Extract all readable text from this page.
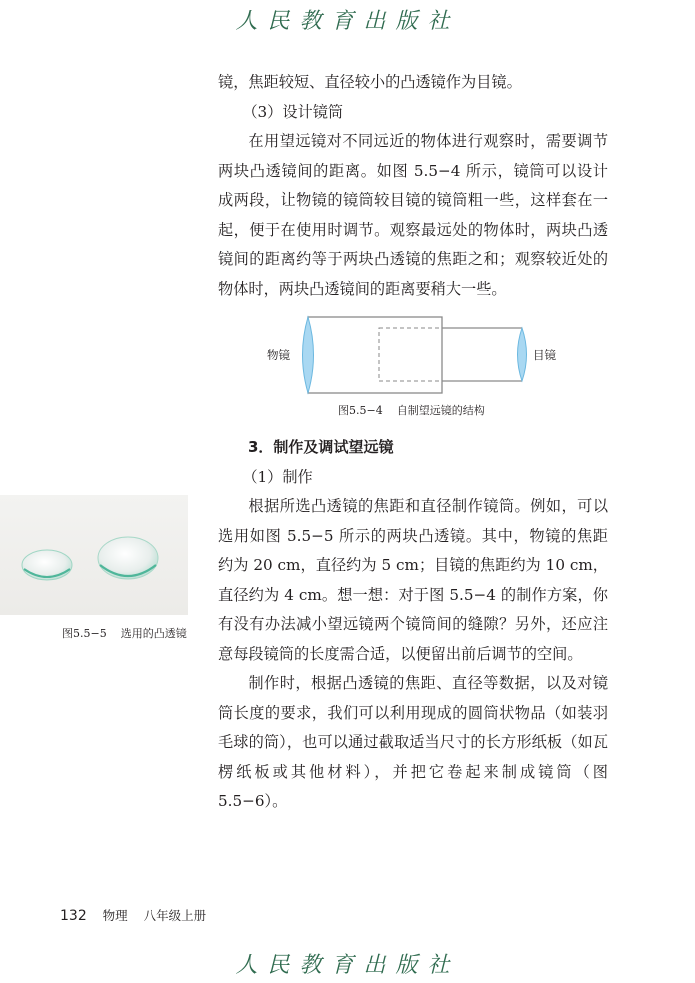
人民教育出版社

镜，焦距较短、直径较小的凸透镜作为目镜。

（3）设计镜筒

在用望远镜对不同远近的物体进行观察时，需要调节两块凸透镜间的距离。如图 5.5−4 所示，镜筒可以设计成两段，让物镜的镜筒较目镜的镜筒粗一些，这样套在一起，便于在使用时调节。观察最远处的物体时，两块凸透镜间的距离约等于两块凸透镜的焦距之和；观察较近处的物体时，两块凸透镜间的距离要稍大一些。

物镜	目镜
图5.5−4    自制望远镜的结构

3．制作及调试望远镜

（1）制作

根据所选凸透镜的焦距和直径制作镜筒。例如，可以选用如图 5.5−5 所示的两块凸透镜。其中，物镜的焦距约为 20 cm，直径约为 5 cm；目镜的焦距约为 10 cm，直径约为 4 cm。想一想：对于图 5.5−4 的制作方案，你有没有办法减小望远镜两个镜筒间的缝隙？另外，还应注意每段镜筒的长度需合适，以便留出前后调节的空间。

制作时，根据凸透镜的焦距、直径等数据，以及对镜筒长度的要求，我们可以利用现成的圆筒状物品（如装羽毛球的筒），也可以通过截取适当尺寸的长方形纸板（如瓦楞纸板或其他材料），并把它卷起来制成镜筒（图 5.5−6）。

图5.5−5    选用的凸透镜
132 物理 八年级上册
人民教育出版社
